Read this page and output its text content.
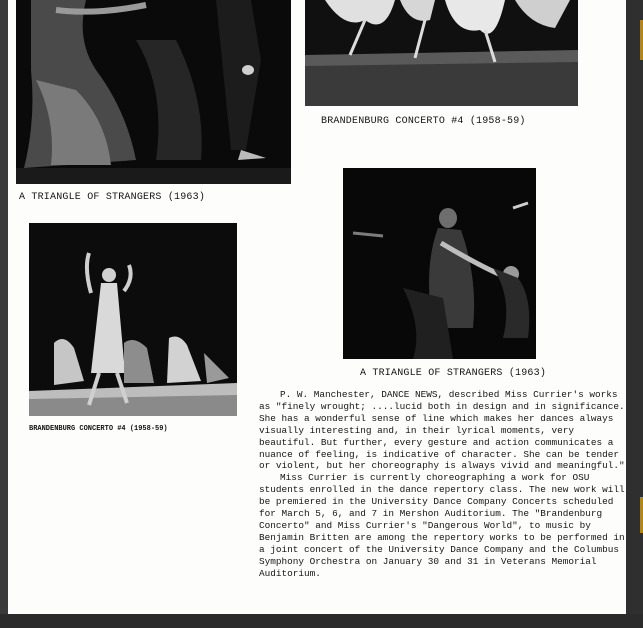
BRANDENBURG CONCERTO #4 (1958-59)
A TRIANGLE OF STRANGERS (1963)
BRANDENBURG CONCERTO #4 (1958-59)
A TRIANGLE OF STRANGERS (1963)

P. W. Manchester, DANCE NEWS, described Miss Currier's works as "finely wrought; ....lucid both in design and in significance. She has a wonderful sense of line which makes her dances always visually interesting and, in their lyrical moments, very beautiful. But further, every gesture and action communicates a nuance of feeling, is indicative of character. She can be tender or violent, but her choreography is always vivid and meaningful."

Miss Currier is currently choreographing a work for OSU students enrolled in the dance repertory class. The new work will be premiered in the University Dance Company Concerts scheduled for March 5, 6, and 7 in Mershon Auditorium. The "Brandenburg Concerto" and Miss Currier's "Dangerous World", to music by Benjamin Britten are among the repertory works to be performed in a joint concert of the University Dance Company and the Columbus Symphony Orchestra on January 30 and 31 in Veterans Memorial Auditorium.
